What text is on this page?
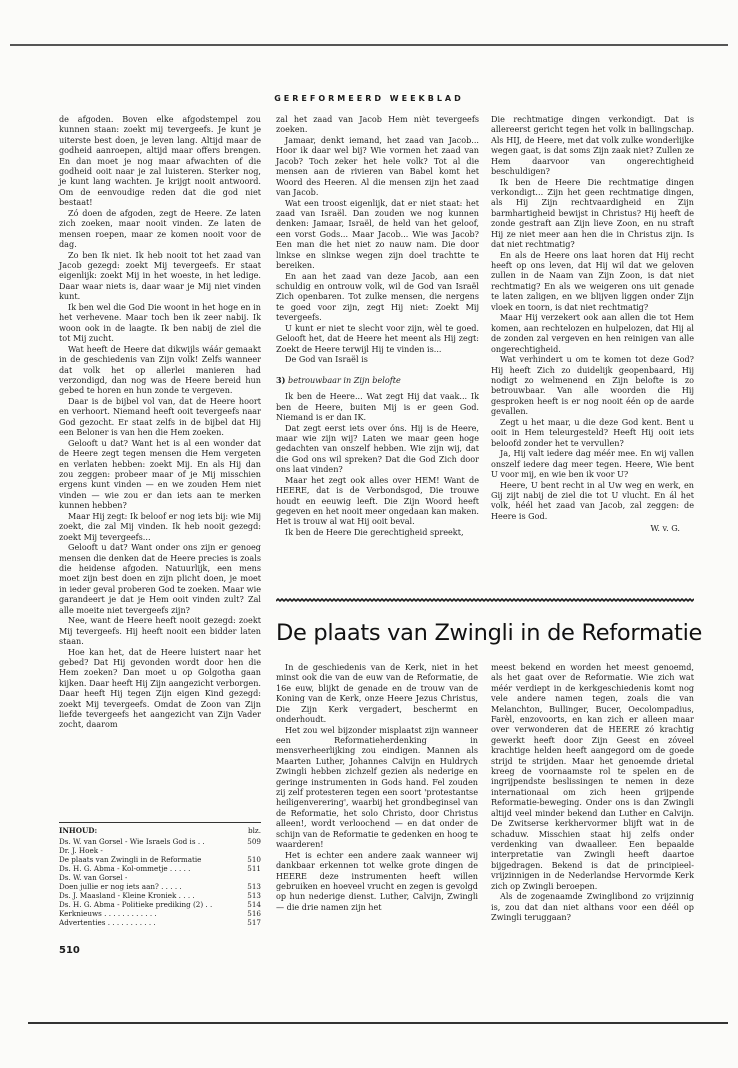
GEREFORMEERD WEEKBLAD

de afgoden. Boven elke afgodstempel zou kunnen staan: zoekt mij tevergeefs. Je kunt je uiterste best doen, je leven lang. Altijd maar de godheid aanroepen, altijd maar offers brengen. En dan moet je nog maar afwachten of die godheid ooit naar je zal luisteren. Sterker nog, je kunt lang wachten. Je krijgt nooit antwoord. Om de eenvoudige reden dat die god niet bestaat!

Zó doen de afgoden, zegt de Heere. Ze laten zich zoeken, maar nooit vinden. Ze laten de mensen roepen, maar ze komen nooit voor de dag.

Zo ben Ik niet. Ik heb nooit tot het zaad van Jacob gezegd: zoekt Mij tevergeefs. Er staat eigenlijk: zoekt Mij in het woeste, in het ledige. Daar waar niets is, daar waar je Mij niet vinden kunt.

Ik ben wel die God Die woont in het hoge en in het verhevene. Maar toch ben ik zeer nabij. Ik woon ook in de laagte. Ik ben nabij de ziel die tot Mij zucht.

Wat heeft de Heere dat dikwijls wáár gemaakt in de geschiedenis van Zijn volk! Zelfs wanneer dat volk het op allerlei manieren had verzondigd, dan nog was de Heere bereid hun gebed te horen en hun zonde te vergeven.

Daar is de bijbel vol van, dat de Heere hoort en verhoort. Niemand heeft ooit tevergeefs naar God gezocht. Er staat zelfs in de bijbel dat Hij een Beloner is van hen die Hem zoeken.

Gelooft u dat? Want het is al een wonder dat de Heere zegt tegen mensen die Hem vergeten en verlaten hebben: zoekt Mij. En als Hij dan zou zeggen: probeer maar of je Mij misschien ergens kunt vinden — en we zouden Hem niet vinden — wie zou er dan iets aan te merken kunnen hebben?

Maar Hij zegt: Ik beloof er nog iets bij: wie Mij zoekt, die zal Mij vinden. Ik heb nooit gezegd: zoekt Mij tevergeefs...

Gelooft u dat? Want onder ons zijn er genoeg mensen die denken dat de Heere precies is zoals die heidense afgoden. Natuurlijk, een mens moet zijn best doen en zijn plicht doen, je moet in ieder geval proberen God te zoeken. Maar wie garandeert je dat je Hem ooit vinden zult? Zal alle moeite niet tevergeefs zijn?

Nee, want de Heere heeft nooit gezegd: zoekt Mij tevergeefs. Hij heeft nooit een bidder laten staan.

Hoe kan het, dat de Heere luistert naar het gebed? Dat Hij gevonden wordt door hen die Hem zoeken? Dan moet u op Golgotha gaan kijken. Daar heeft Hij Zijn aangezicht verborgen. Daar heeft Hij tegen Zijn eigen Kind gezegd: zoekt Mij tevergeefs. Omdat de Zoon van Zijn liefde tevergeefs het aangezicht van Zijn Vader zocht, daarom

zal het zaad van Jacob Hem nièt tevergeefs zoeken.

Jamaar, denkt iemand, het zaad van Jacob... Hoor ik daar wel bij? Wie vormen het zaad van Jacob? Toch zeker het hele volk? Tot al die mensen aan de rivieren van Babel komt het Woord des Heeren. Al die mensen zijn het zaad van Jacob.

Wat een troost eigenlijk, dat er niet staat: het zaad van Israël. Dan zouden we nog kunnen denken: Jamaar, Israël, de held van het geloof, een vorst Gods... Maar Jacob... Wie was Jacob? Een man die het niet zo nauw nam. Die door linkse en slinkse wegen zijn doel trachtte te bereiken.

En aan het zaad van deze Jacob, aan een schuldig en ontrouw volk, wil de God van Israël Zich openbaren. Tot zulke mensen, die nergens te goed voor zijn, zegt Hij niet: Zoekt Mij tevergeefs.

U kunt er niet te slecht voor zijn, wèl te goed. Gelooft het, dat de Heere het meent als Hij zegt: Zoekt de Heere terwijl Hij te vinden is...

De God van Israël is

3) betrouwbaar in Zijn belofte

Ik ben de Heere... Wat zegt Hij dat vaak... Ik ben de Heere, buiten Mij is er geen God. Niemand is er dan IK.

Dat zegt eerst iets over óns. Hij is de Heere, maar wie zijn wij? Laten we maar geen hoge gedachten van onszelf hebben. Wie zijn wij, dat die God ons wil spreken? Dat die God Zich door ons laat vinden?

Maar het zegt ook alles over HEM! Want de HEERE, dat is de Verbondsgod, Die trouwe houdt en eeuwig leeft. Die Zijn Woord heeft gegeven en het nooit meer ongedaan kan maken. Het is trouw al wat Hij ooit beval.

Ik ben de Heere Die gerechtigheid spreekt,

Die rechtmatige dingen verkondigt. Dat is allereerst gericht tegen het volk in ballingschap. Als HIJ, de Heere, met dat volk zulke wonderlijke wegen gaat, is dat soms Zijn zaak niet? Zullen ze Hem daarvoor van ongerechtigheid beschuldigen?

Ik ben de Heere Die rechtmatige dingen verkondigt... Zijn het geen rechtmatige dingen, als Hij Zijn rechtvaardigheid en Zijn barmhartigheid bewijst in Christus? Hij heeft de zonde gestraft aan Zijn lieve Zoon, en nu straft Hij ze niet meer aan hen die in Christus zijn. Is dat niet rechtmatig?

En als de Heere ons laat horen dat Hij recht heeft op ons leven, dat Hij wil dat we geloven zullen in de Naam van Zijn Zoon, is dat niet rechtmatig? En als we weigeren ons uit genade te laten zaligen, en we blijven liggen onder Zijn vloek en toorn, is dat niet rechtmatig?

Maar Hij verzekert ook aan allen die tot Hem komen, aan rechtelozen en hulpelozen, dat Hij al de zonden zal vergeven en hen reinigen van alle ongerechtigheid.

Wat verhindert u om te komen tot deze God? Hij heeft Zich zo duidelijk geopenbaard, Hij nodigt zo welmenend en Zijn belofte is zo betrouwbaar. Van alle woorden die Hij gesproken heeft is er nog nooit één op de aarde gevallen.

Zegt u het maar, u die deze God kent. Bent u ooit in Hem teleurgesteld? Heeft Hij ooit iets beloofd zonder het te vervullen?

Ja, Hij valt iedere dag méér mee. En wij vallen onszelf iedere dag meer tegen. Heere, Wie bent U voor mij, en wie ben ik voor U?

Heere, U bent recht in al Uw weg en werk, en Gij zijt nabij de ziel die tot U vlucht. En ál het volk, héél het zaad van Jacob, zal zeggen: de Heere is God.

W. v. G.

De plaats van Zwingli in de Reformatie

In de geschiedenis van de Kerk, niet in het minst ook die van de euw van de Reformatie, de 16e euw, blijkt de genade en de trouw van de Koning van de Kerk, onze Heere Jezus Christus, Die Zijn Kerk vergadert, beschermt en onderhoudt.

Het zou wel bijzonder misplaatst zijn wanneer een Reformatieherdenking in mensverheerlijking zou eindigen. Mannen als Maarten Luther, Johannes Calvijn en Huldrych Zwingli hebben zichzelf gezien als nederige en geringe instrumenten in Gods hand. Fel zouden zij zelf protesteren tegen een soort 'protestantse heiligenverering', waarbij het grondbeginsel van de Reformatie, het solo Christo, door Christus alleen!, wordt verloochend — en dat onder de schijn van de Reformatie te gedenken en hoog te waarderen!

Het is echter een andere zaak wanneer wij dankbaar erkennen tot welke grote dingen de HEERE deze instrumenten heeft willen gebruiken en hoeveel vrucht en zegen is gevolgd op hun nederige dienst. Luther, Calvijn, Zwingli — die drie namen zijn het

meest bekend en worden het meest genoemd, als het gaat over de Reformatie. Wie zich wat méér verdiept in de kerkgeschiedenis komt nog vele andere namen tegen, zoals die van Melanchton, Bullinger, Bucer, Oecolompadius, Farèl, enzovoorts, en kan zich er alleen maar over verwonderen dat de HEERE zó krachtig gewerkt heeft door Zijn Geest en zóveel krachtige helden heeft aangegord om de goede strijd te strijden. Maar het genoemde drietal kreeg de voornaamste rol te spelen en de ingrijpendste beslissingen te nemen in deze internationaal om zich heen grijpende Reformatie-beweging. Onder ons is dan Zwingli altijd veel minder bekend dan Luther en Calvijn. De Zwitserse kerkhervormer blijft wat in de schaduw. Misschien staat hij zelfs onder verdenking van dwaalleer. Een bepaalde interpretatie van Zwingli heeft daartoe bijgedragen. Bekend is dat de principieel-vrijzinnigen in de Nederlandse Hervormde Kerk zich op Zwingli beroepen.

Als de zogenaamde Zwinglibond zo vrijzinnig is, zou dat dan niet althans voor een déél op Zwingli teruggaan?

INHOUD:	blz.
Ds. W. van Gorsel - Wie Israels God is . .	509
Dr. J. Hoek -
De plaats van Zwingli in de Reformatie	510
Ds. H. G. Abma - Kol-ommetje . . . . .	511
Ds. W. van Gorsel -
Doen jullie er nog iets aan? . . . . .	513
Ds. J. Maasland - Kleine Kroniek . . . .	513
Ds. H. G. Abma - Politieke prediking (2) . .	514
Kerknieuws . . . . . . . . . . . .	516
Advertenties . . . . . . . . . . .	517
510
